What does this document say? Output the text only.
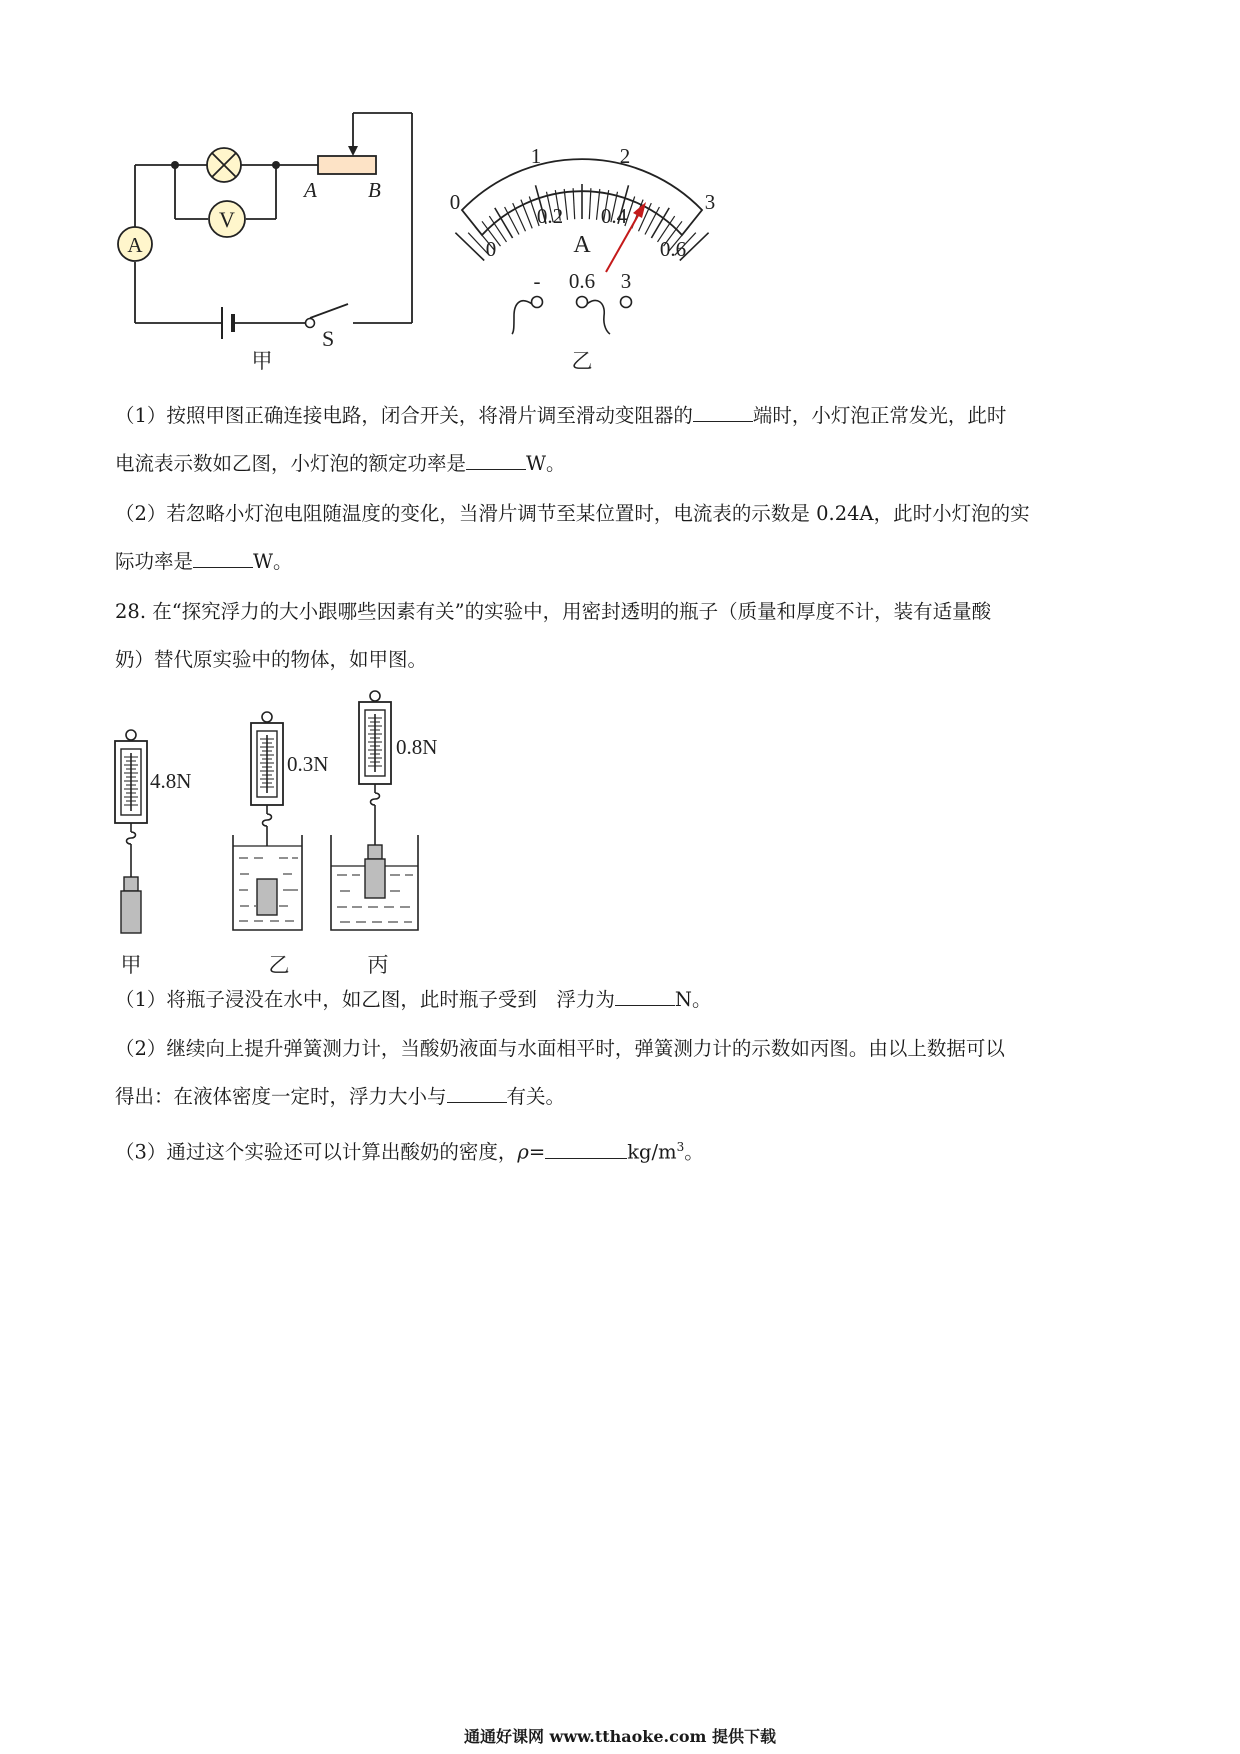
V
A
A B
S
甲
0
1	2
3
0
0.2 0.4
0.6
A
- 0.6 3
乙
（1）按照甲图正确连接电路，闭合开关，将滑片调至滑动变阻器的	端时，小灯泡正常发光，此时
电流表示数如乙图，小灯泡的额定功率是	W。
（2）若忽略小灯泡电阻随温度的变化，当滑片调节至某位置时，电流表的示数是 0.24A，此时小灯泡的实
际功率是	W。
28. 在“探究浮力的大小跟哪些因素有关”的实验中，用密封透明的瓶子（质量和厚度不计，装有适量酸
奶）替代原实验中的物体，如甲图。
4.8N
0.3N
0.8N
甲	乙	丙
（1）将瓶子浸没在水中，如乙图，此时瓶子受到　浮力为	N。
（2）继续向上提升弹簧测力计，当酸奶液面与水面相平时，弹簧测力计的示数如丙图。由以上数据可以
得出：在液体密度一定时，浮力大小与	有关。
（3）通过这个实验还可以计算出酸奶的密度，ρ=	$kg/m^3$。
通通好课网 www.tthaoke.com 提供下载
